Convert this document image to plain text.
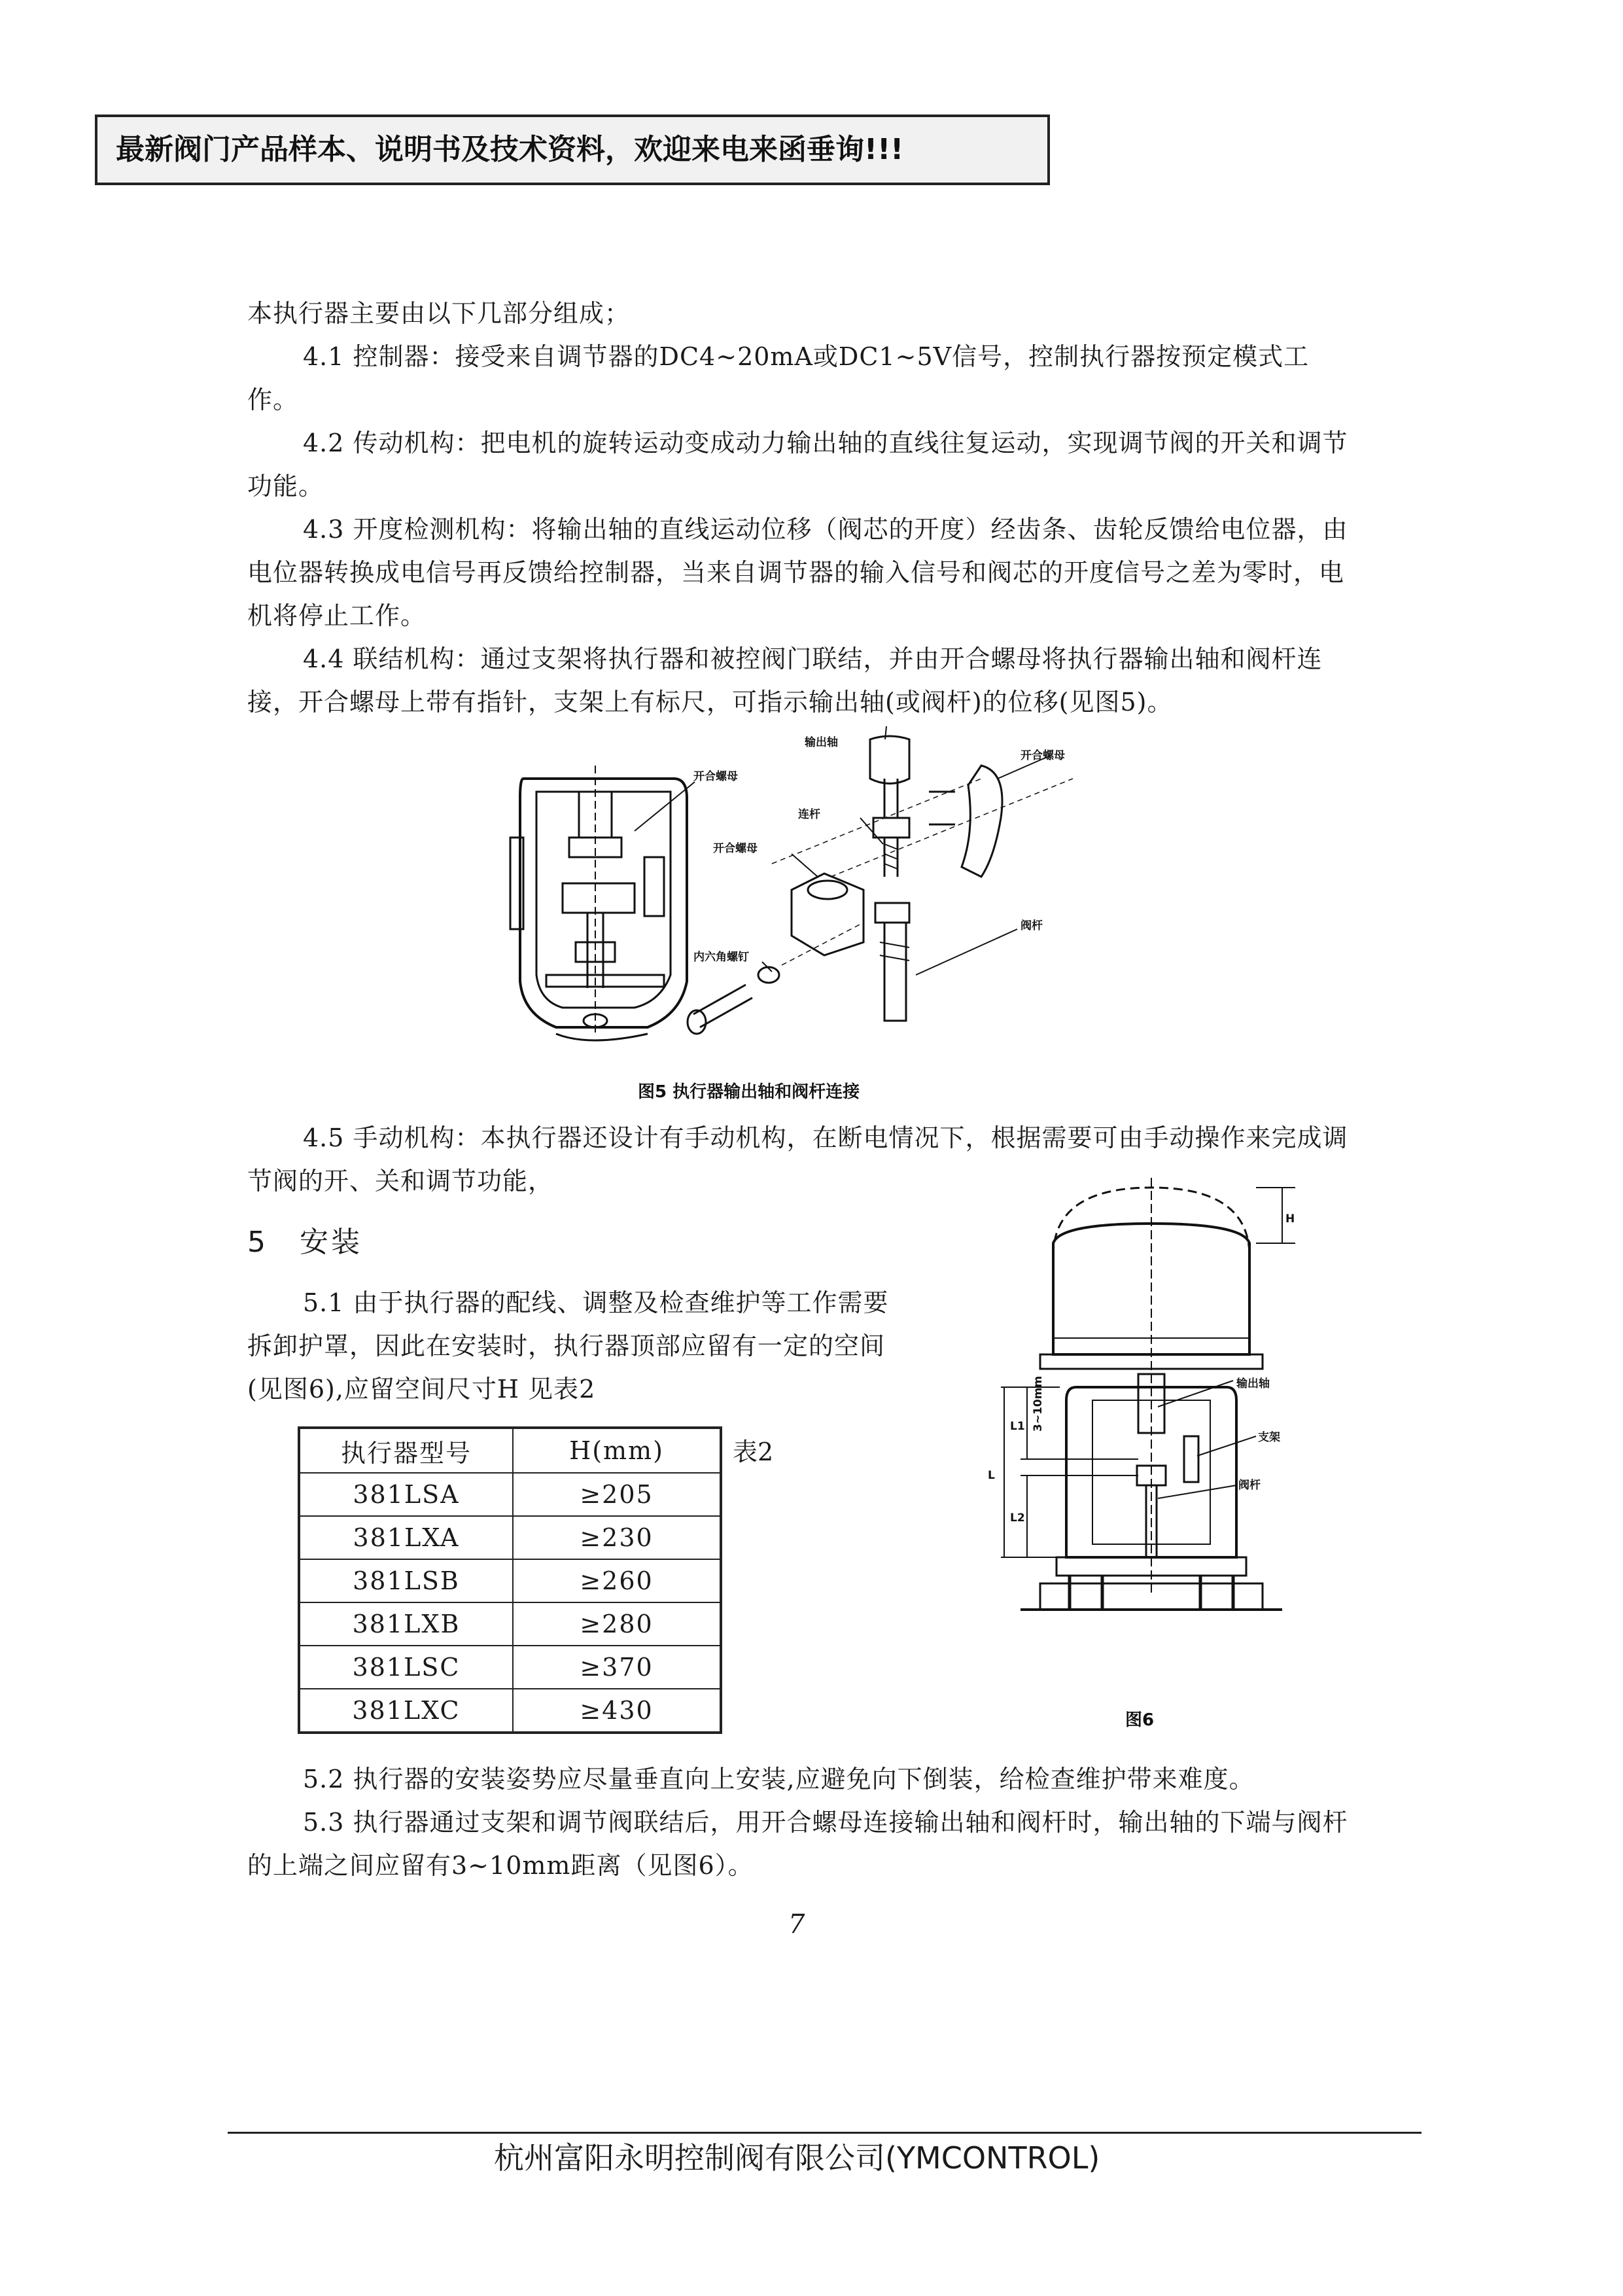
最新阀门产品样本、说明书及技术资料，欢迎来电来函垂询!!!

本执行器主要由以下几部分组成；

4.1 控制器：接受来自调节器的DC4~20mA或DC1~5V信号，控制执行器按预定模式工作。

4.2 传动机构：把电机的旋转运动变成动力输出轴的直线往复运动，实现调节阀的开关和调节功能。

4.3 开度检测机构：将输出轴的直线运动位移（阀芯的开度）经齿条、齿轮反馈给电位器，由电位器转换成电信号再反馈给控制器，当来自调节器的输入信号和阀芯的开度信号之差为零时，电机将停止工作。

4.4 联结机构：通过支架将执行器和被控阀门联结，并由开合螺母将执行器输出轴和阀杆连接，开合螺母上带有指针，支架上有标尺，可指示输出轴(或阀杆)的位移(见图5)。

开合螺母
输出轴
开合螺母
连杆
开合螺母
阀杆
内六角螺钉
图5 执行器输出轴和阀杆连接

4.5 手动机构：本执行器还设计有手动机构，在断电情况下，根据需要可由手动操作来完成调节阀的开、关和调节功能，

5 安装

5.1 由于执行器的配线、调整及检查维护等工作需要拆卸护罩，因此在安装时，执行器顶部应留有一定的空间(见图6),应留空间尺寸H 见表2

执行器型号	H(mm)
381LSA	≥205
381LXA	≥230
381LSB	≥260
381LXB	≥280
381LSC	≥370
381LXC	≥430
表2
输出轴
支架
阀杆
H
L
L1
L2
3~10mm
图6

5.2 执行器的安装姿势应尽量垂直向上安装,应避免向下倒装，给检查维护带来难度。

5.3 执行器通过支架和调节阀联结后，用开合螺母连接输出轴和阀杆时，输出轴的下端与阀杆的上端之间应留有3~10mm距离（见图6）。

7
杭州富阳永明控制阀有限公司(YMCONTROL)
